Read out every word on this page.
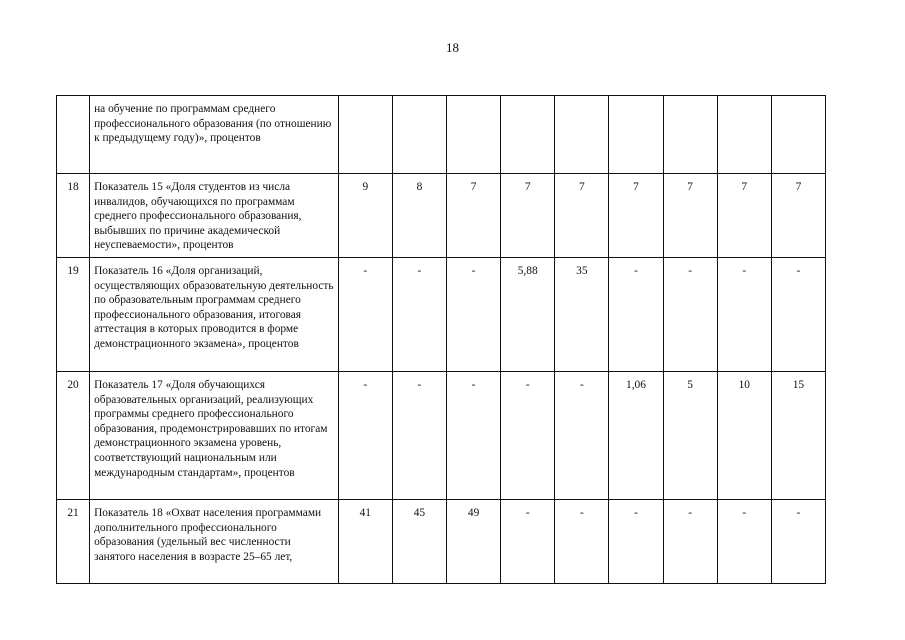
18
	на обучение по программам среднего профессионального образования (по отношению к предыдущему году)», процентов									
18	Показатель 15 «Доля студентов из числа инвалидов, обучающихся по программам среднего профессионального образования, выбывших по причине академической неуспеваемости», процентов	9	8	7	7	7	7	7	7	7
19	Показатель 16 «Доля организаций, осуществляющих образовательную деятельность по образовательным программам среднего профессионального образования, итоговая аттестация в которых проводится в форме демонстрационного экзамена», процентов	-	-	-	5,88	35	-	-	-	-
20	Показатель 17 «Доля обучающихся образовательных организаций, реализующих программы среднего профессионального образования, продемонстрировавших по итогам демонстрационного экзамена уровень, соответствующий национальным или международным стандартам», процентов	-	-	-	-	-	1,06	5	10	15
21	Показатель 18 «Охват населения программами дополнительного профессионального образования (удельный вес численности занятого населения в возрасте 25–65 лет,	41	45	49	-	-	-	-	-	-
